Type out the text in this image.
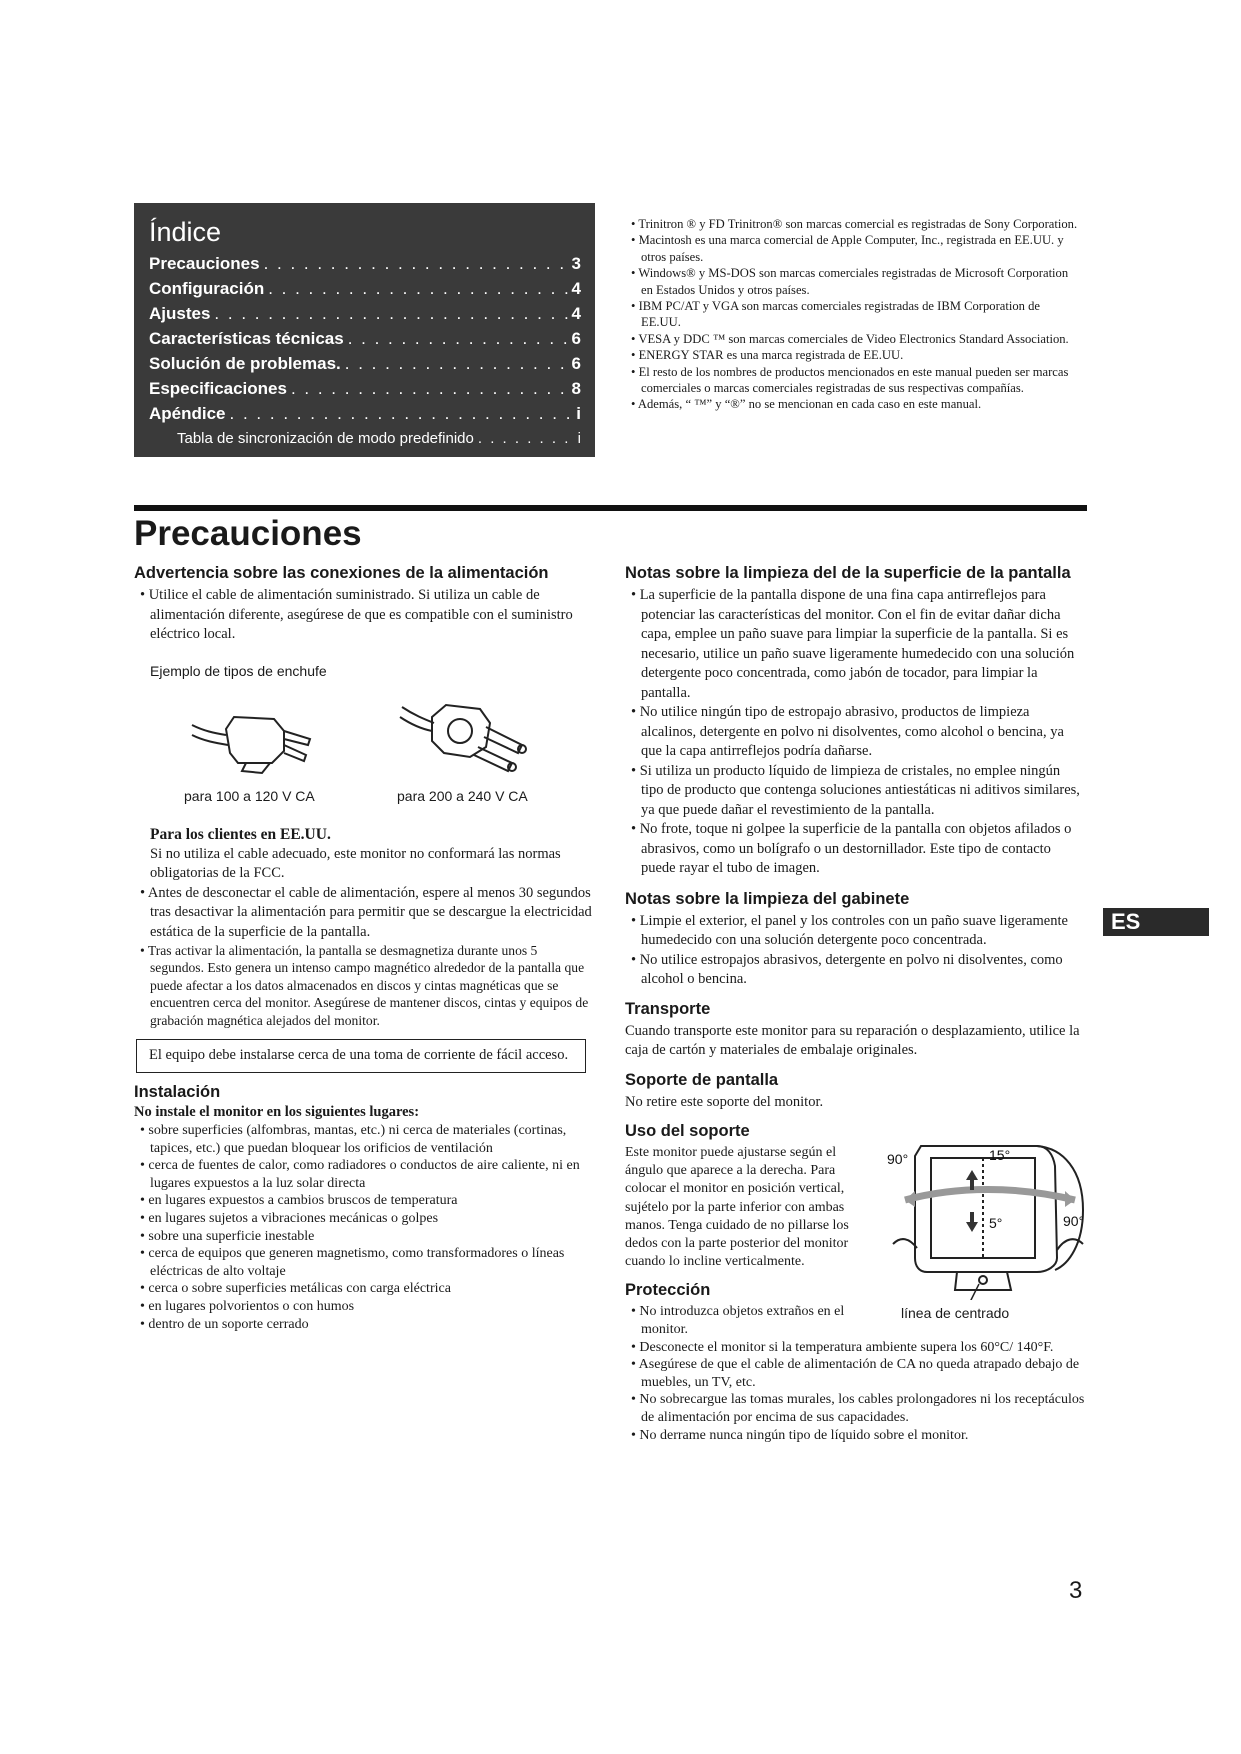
Índice
Precauciones . . .	3
Configuración . . .	4
Ajustes . . .	4
Características técnicas . . .	6
Solución de problemas. . . .	6
Especificaciones . . .	8
Apéndice . . .	i
Tabla de sincronización de modo predefinido . . .	i

• Trinitron ® y FD Trinitron® son marcas comercial es registradas de Sony Corporation.

• Macintosh es una marca comercial de Apple Computer, Inc., registrada en EE.UU. y otros países.

• Windows® y MS-DOS son marcas comerciales registradas de Microsoft Corporation en Estados Unidos y otros países.

• IBM PC/AT y VGA son marcas comerciales registradas de IBM Corporation de EE.UU.

• VESA y DDC ™ son marcas comerciales de Video Electronics Standard Association.

• ENERGY STAR es una marca registrada de EE.UU.

• El resto de los nombres de productos mencionados en este manual pueden ser marcas comerciales o marcas comerciales registradas de sus respectivas compañías.

• Además, “ ™” y “®” no se mencionan en cada caso en este manual.

Precauciones
Advertencia sobre las conexiones de la alimentación

• Utilice el cable de alimentación suministrado. Si utiliza un cable de alimentación diferente, asegúrese de que es compatible con el suministro eléctrico local.

Ejemplo de tipos de enchufe
para 100 a 120 V CA	para 200 a 240 V CA

Para los clientes en EE.UU.

Si no utiliza el cable adecuado, este monitor no conformará las normas obligatorias de la FCC.

• Antes de desconectar el cable de alimentación, espere al menos 30 segundos tras desactivar la alimentación para permitir que se descargue la electricidad estática de la superficie de la pantalla.

• Tras activar la alimentación, la pantalla se desmagnetiza durante unos 5 segundos. Esto genera un intenso campo magnético alrededor de la pantalla que puede afectar a los datos almacenados en discos y cintas magnéticas que se encuentren cerca del monitor. Asegúrese de mantener discos, cintas y equipos de grabación magnética alejados del monitor.

El equipo debe instalarse cerca de una toma de corriente de fácil acceso.
Instalación

No instale el monitor en los siguientes lugares:

• sobre superficies (alfombras, mantas, etc.) ni cerca de materiales (cortinas, tapices, etc.) que puedan bloquear los orificios de ventilación

• cerca de fuentes de calor, como radiadores o conductos de aire caliente, ni en lugares expuestos a la luz solar directa

• en lugares expuestos a cambios bruscos de temperatura

• en lugares sujetos a vibraciones mecánicas o golpes

• sobre una superficie inestable

• cerca de equipos que generen magnetismo, como transformadores o líneas eléctricas de alto voltaje

• cerca o sobre superficies metálicas con carga eléctrica

• en lugares polvorientos o con humos

• dentro de un soporte cerrado

Notas sobre la limpieza del de la superficie de la pantalla

• La superficie de la pantalla dispone de una fina capa antirreflejos para potenciar las características del monitor. Con el fin de evitar dañar dicha capa, emplee un paño suave para limpiar la superficie de la pantalla. Si es necesario, utilice un paño suave ligeramente humedecido con una solución detergente poco concentrada, como jabón de tocador, para limpiar la pantalla.

• No utilice ningún tipo de estropajo abrasivo, productos de limpieza alcalinos, detergente en polvo ni disolventes, como alcohol o bencina, ya que la capa antirreflejos podría dañarse.

• Si utiliza un producto líquido de limpieza de cristales, no emplee ningún tipo de producto que contenga soluciones antiestáticas ni aditivos similares, ya que puede dañar el revestimiento de la pantalla.

• No frote, toque ni golpee la superficie de la pantalla con objetos afilados o abrasivos, como un bolígrafo o un destornillador. Este tipo de contacto puede rayar el tubo de imagen.

Notas sobre la limpieza del gabinete

• Limpie el exterior, el panel y los controles con un paño suave ligeramente humedecido con una solución detergente poco concentrada.

• No utilice estropajos abrasivos, detergente en polvo ni disolventes, como alcohol o bencina.

Transporte

Cuando transporte este monitor para su reparación o desplazamiento, utilice la caja de cartón y materiales de embalaje originales.

Soporte de pantalla

No retire este soporte del monitor.

Uso del soporte

Este monitor puede ajustarse según el ángulo que aparece a la derecha. Para colocar el monitor en posición vertical, sujételo por la parte inferior con ambas manos. Tenga cuidado de no pillarse los dedos con la parte posterior del monitor cuando lo incline verticalmente.

90°	15°
5°	90°
línea de centrado
Protección

• No introduzca objetos extraños en el monitor.

• Desconecte el monitor si la temperatura ambiente supera los 60°C/ 140°F.

• Asegúrese de que el cable de alimentación de CA no queda atrapado debajo de muebles, un TV, etc.

• No sobrecargue las tomas murales, los cables prolongadores ni los receptáculos de alimentación por encima de sus capacidades.

• No derrame nunca ningún tipo de líquido sobre el monitor.

ES
3
